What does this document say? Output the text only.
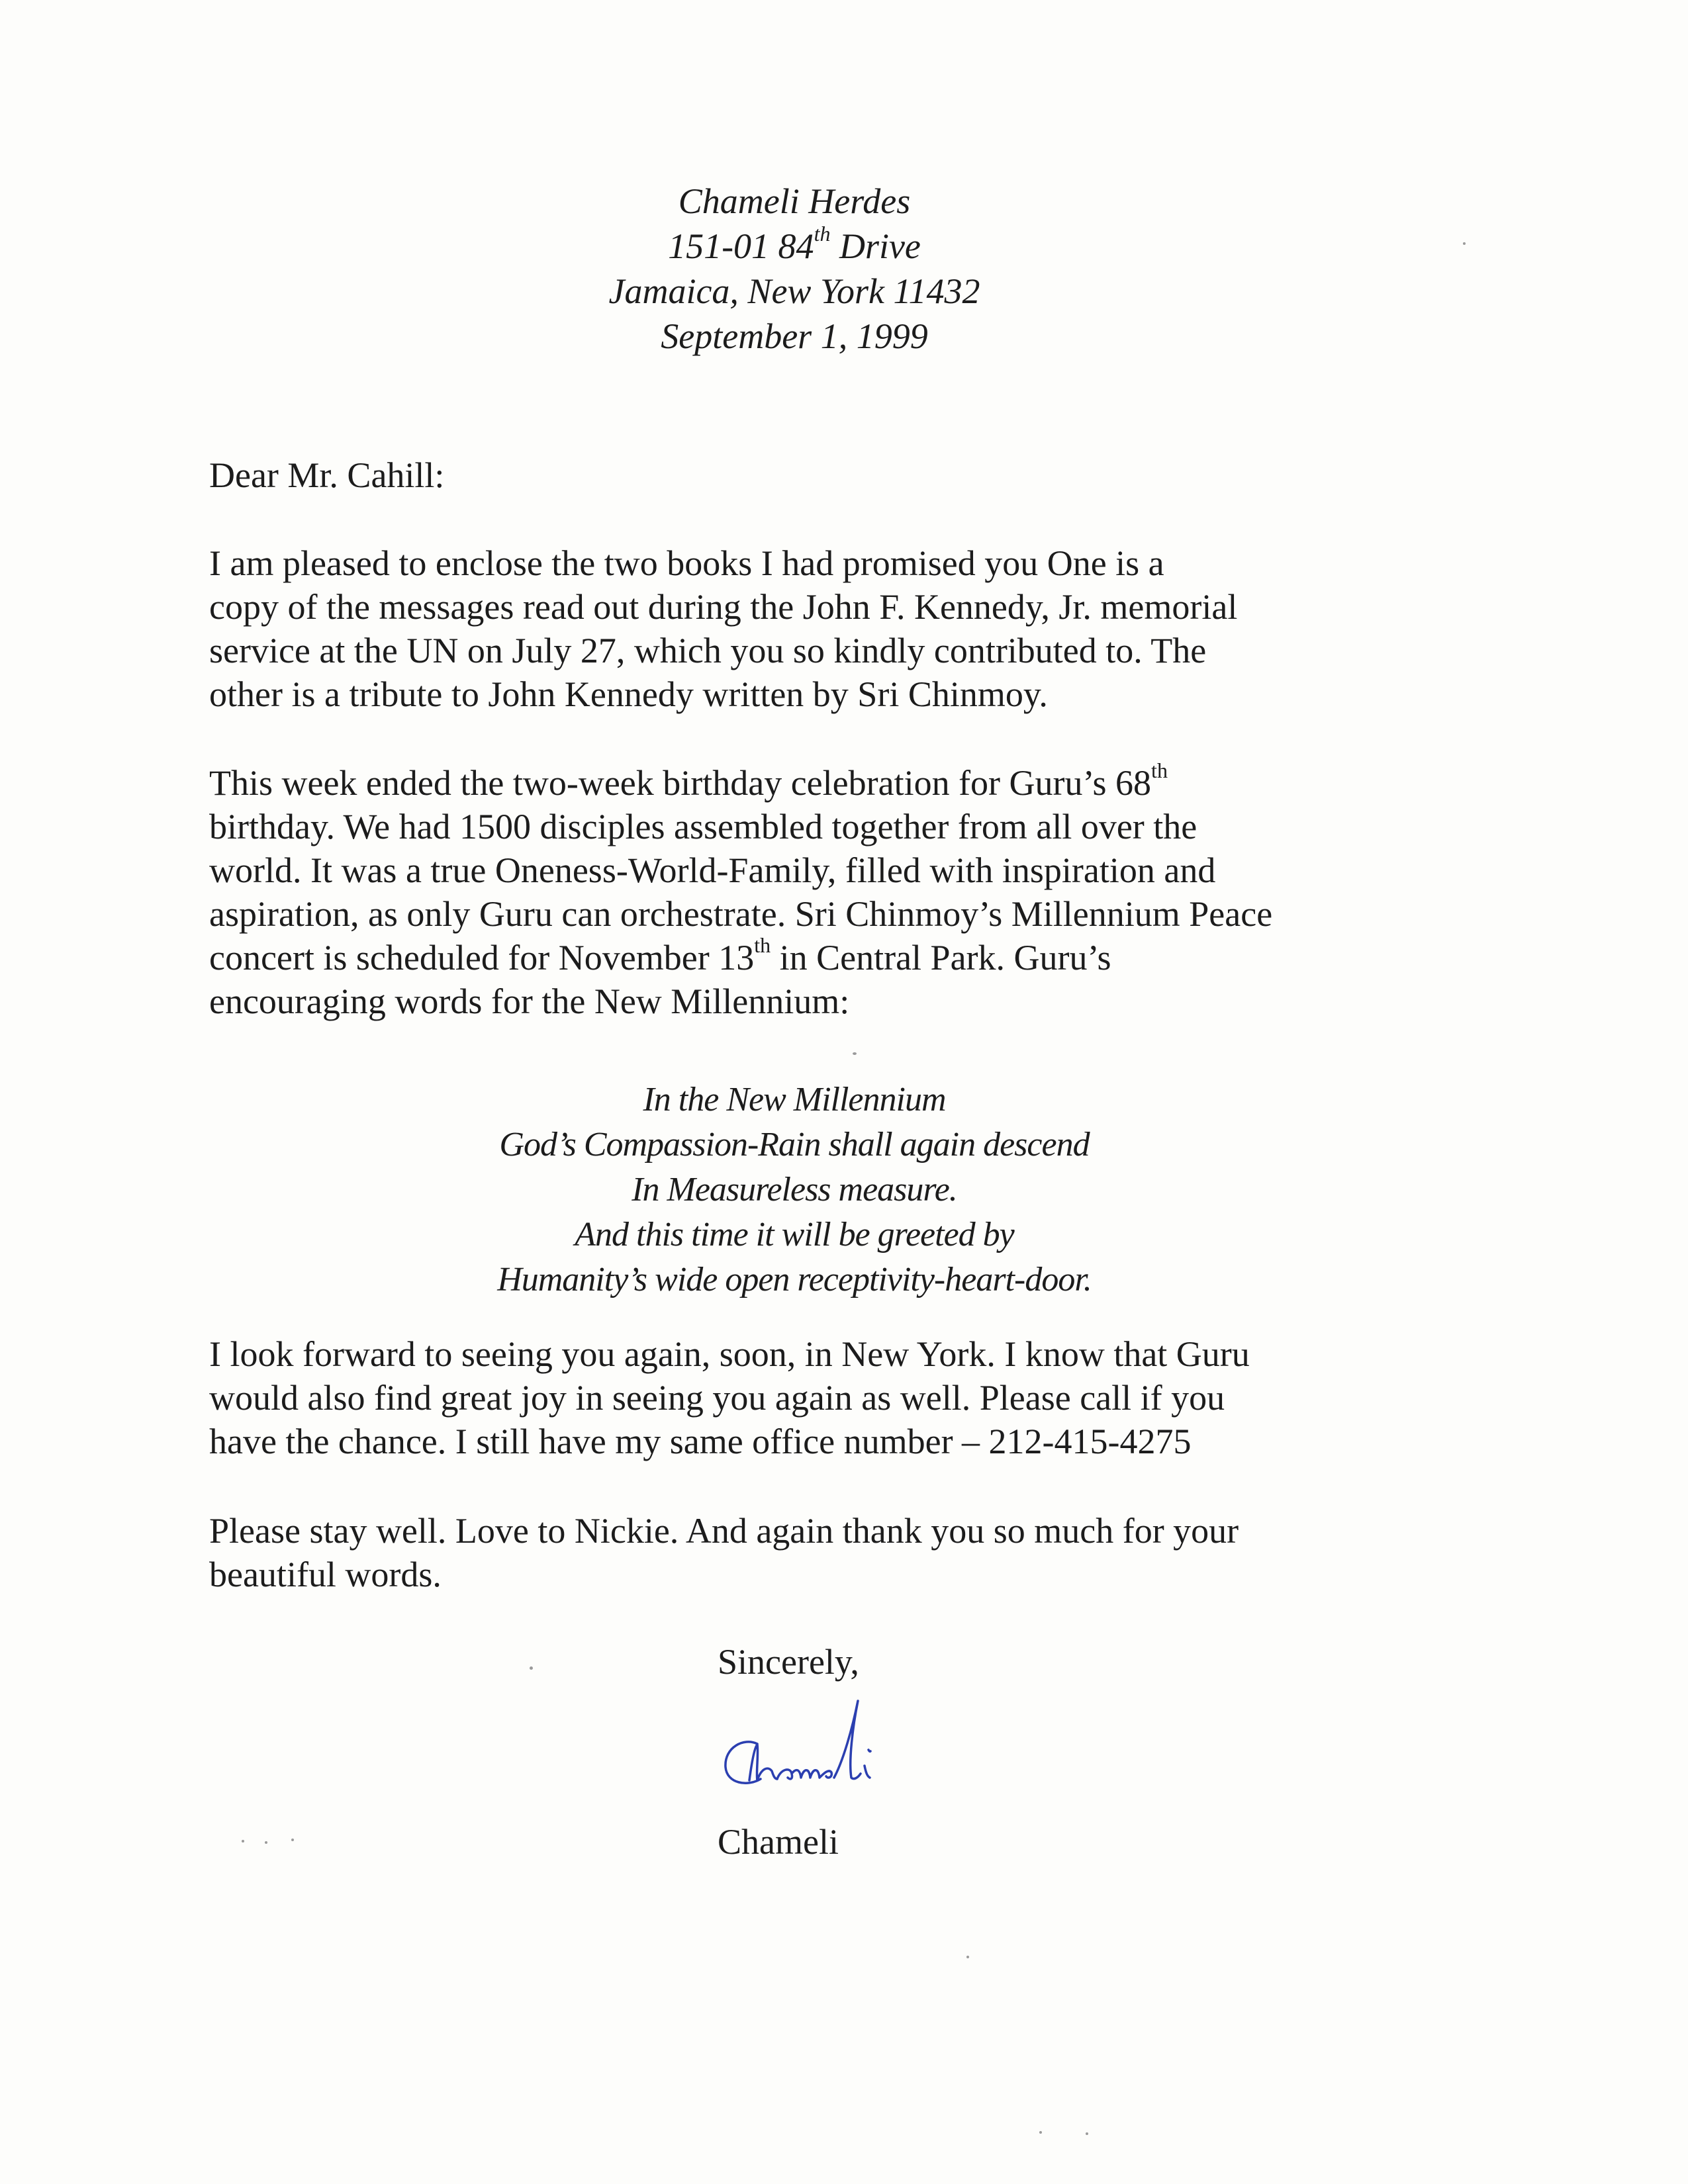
Chameli Herdes
151-01 84th Drive
Jamaica, New York 11432
September 1, 1999
Dear Mr. Cahill:
I am pleased to enclose the two books I had promised you One is a
copy of the messages read out during the John F. Kennedy, Jr. memorial
service at the UN on July 27, which you so kindly contributed to. The
other is a tribute to John Kennedy written by Sri Chinmoy.
This week ended the two-week birthday celebration for Guru’s 68th
birthday. We had 1500 disciples assembled together from all over the
world. It was a true Oneness-World-Family, filled with inspiration and
aspiration, as only Guru can orchestrate. Sri Chinmoy’s Millennium Peace
concert is scheduled for November 13th in Central Park. Guru’s
encouraging words for the New Millennium:
In the New Millennium
God’s Compassion-Rain shall again descend
In Measureless measure.
And this time it will be greeted by
Humanity’s wide open receptivity-heart-door.
I look forward to seeing you again, soon, in New York. I know that Guru
would also find great joy in seeing you again as well. Please call if you
have the chance. I still have my same office number – 212-415-4275
Please stay well. Love to Nickie. And again thank you so much for your
beautiful words.
Sincerely,
Chameli
